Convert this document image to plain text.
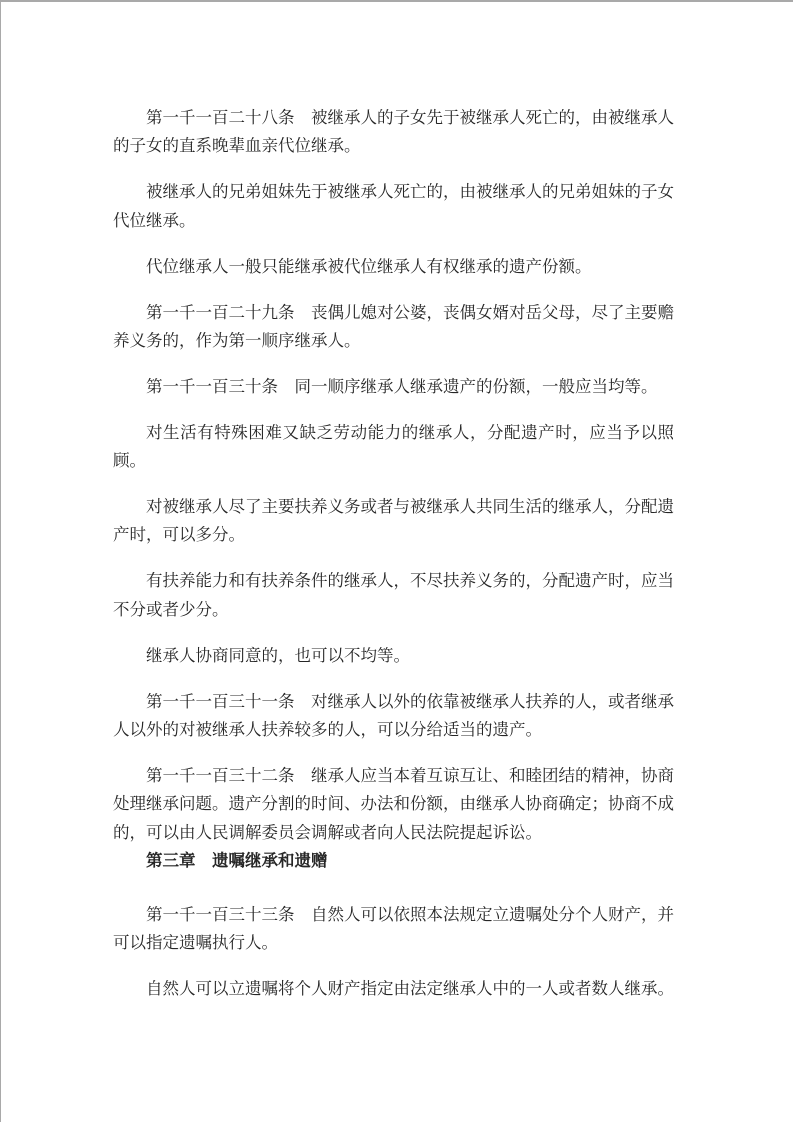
第一千一百二十八条　被继承人的子女先于被继承人死亡的，由被继承人的子女的直系晚辈血亲代位继承。

被继承人的兄弟姐妹先于被继承人死亡的，由被继承人的兄弟姐妹的子女代位继承。

代位继承人一般只能继承被代位继承人有权继承的遗产份额。

第一千一百二十九条　丧偶儿媳对公婆，丧偶女婿对岳父母，尽了主要赡养义务的，作为第一顺序继承人。

第一千一百三十条　同一顺序继承人继承遗产的份额，一般应当均等。

对生活有特殊困难又缺乏劳动能力的继承人，分配遗产时，应当予以照顾。

对被继承人尽了主要扶养义务或者与被继承人共同生活的继承人，分配遗产时，可以多分。

有扶养能力和有扶养条件的继承人，不尽扶养义务的，分配遗产时，应当不分或者少分。

继承人协商同意的，也可以不均等。

第一千一百三十一条　对继承人以外的依靠被继承人扶养的人，或者继承人以外的对被继承人扶养较多的人，可以分给适当的遗产。

第一千一百三十二条　继承人应当本着互谅互让、和睦团结的精神，协商处理继承问题。遗产分割的时间、办法和份额，由继承人协商确定；协商不成的，可以由人民调解委员会调解或者向人民法院提起诉讼。

第三章　遗嘱继承和遗赠

第一千一百三十三条　自然人可以依照本法规定立遗嘱处分个人财产，并可以指定遗嘱执行人。

自然人可以立遗嘱将个人财产指定由法定继承人中的一人或者数人继承。
